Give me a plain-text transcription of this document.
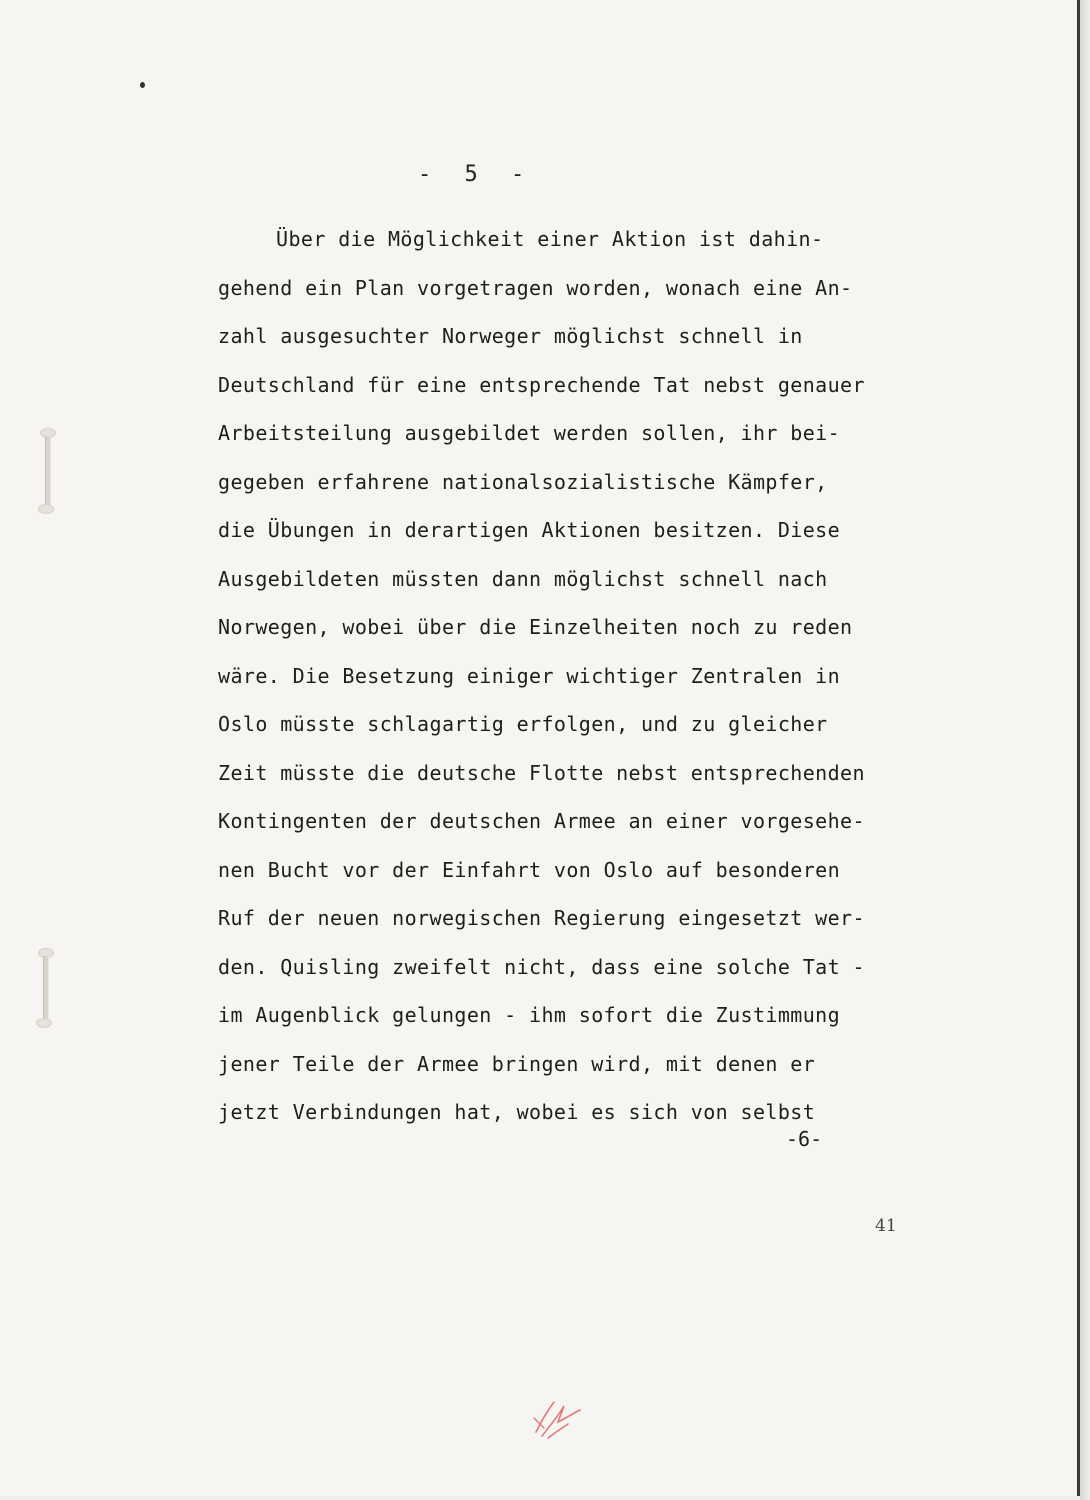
- 5 -
Über die Möglichkeit einer Aktion ist dahin-
gehend ein Plan vorgetragen worden, wonach eine An-
zahl ausgesuchter Norweger möglichst schnell in
Deutschland für eine entsprechende Tat nebst genauer
Arbeitsteilung ausgebildet werden sollen, ihr bei-
gegeben erfahrene nationalsozialistische Kämpfer,
die Übungen in derartigen Aktionen besitzen. Diese
Ausgebildeten müssten dann möglichst schnell nach
Norwegen, wobei über die Einzelheiten noch zu reden
wäre. Die Besetzung einiger wichtiger Zentralen in
Oslo müsste schlagartig erfolgen, und zu gleicher
Zeit müsste die deutsche Flotte nebst entsprechenden
Kontingenten der deutschen Armee an einer vorgesehe-
nen Bucht vor der Einfahrt von Oslo auf besonderen
Ruf der neuen norwegischen Regierung eingesetzt wer-
den. Quisling zweifelt nicht, dass eine solche Tat -
im Augenblick gelungen - ihm sofort die Zustimmung
jener Teile der Armee bringen wird, mit denen er
jetzt Verbindungen hat, wobei es sich von selbst
-6-
41
